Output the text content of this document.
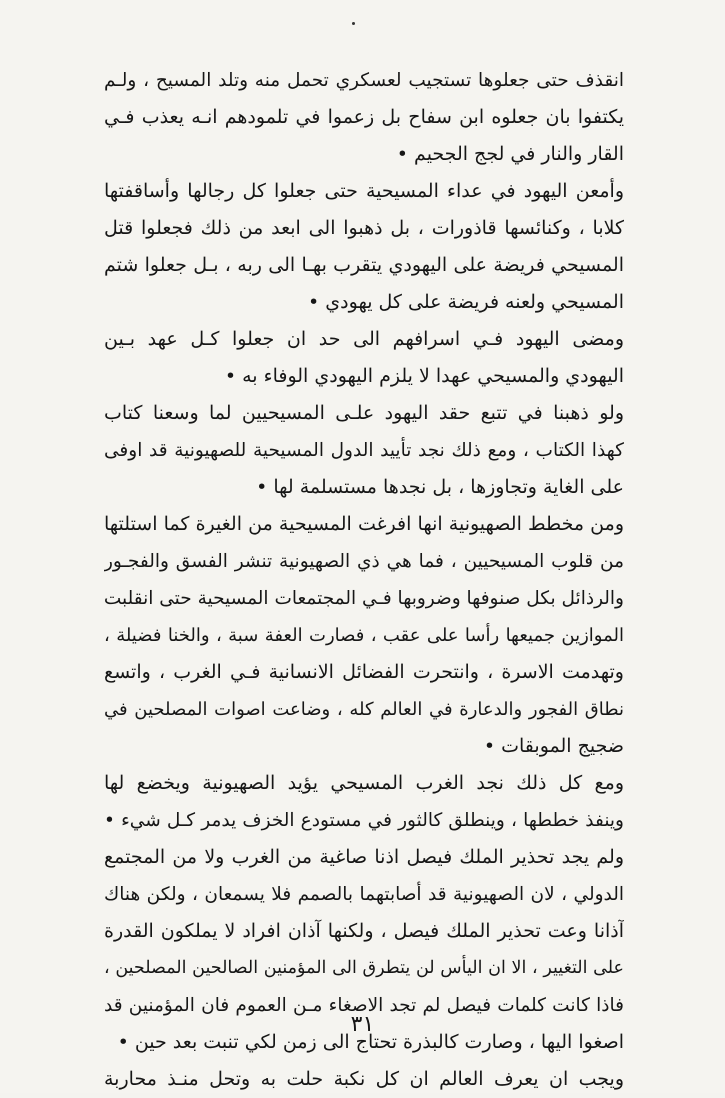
انقذف حتى جعلوها تستجيب لعسكري تحمل منه وتلد المسيح ، ولـم
يكتفوا بان جعلوه ابن سفاح بل زعموا في تلمودهم انـه يعذب فـي
القار والنار في لجج الجحيم •
وأمعن اليهود في عداء المسيحية حتى جعلوا كل رجالها وأساقفتها
كلابا ، وكنائسها قاذورات ، بل ذهبوا الى ابعد من ذلك فجعلوا قتل
المسيحي فريضة على اليهودي يتقرب بهـا الى ربه ، بـل جعلوا شتم
المسيحي ولعنه فريضة على كل يهودي •
ومضى اليهود فـي اسرافهم الى حد ان جعلوا كـل عهد بـين
اليهودي والمسيحي عهدا لا يلزم اليهودي الوفاء به •
ولو ذهبنا في تتبع حقد اليهود علـى المسيحيين لما وسعنا كتاب
كهذا الكتاب ، ومع ذلك نجد تأييد الدول المسيحية للصهيونية قد اوفى
على الغاية وتجاوزها ، بل نجدها مستسلمة لها •
ومن مخطط الصهيونية انها افرغت المسيحية من الغيرة كما استلتها
من قلوب المسيحيين ، فما هي ذي الصهيونية تنشر الفسق والفجـور
والرذائل بكل صنوفها وضروبها فـي المجتمعات المسيحية حتى انقلبت
الموازين جميعها رأسا على عقب ، فصارت العفة سبة ، والخنا فضيلة ،
وتهدمت الاسرة ، وانتحرت الفضائل الانسانية فـي الغرب ، واتسع
نطاق الفجور والدعارة في العالم كله ، وضاعت اصوات المصلحين في
ضجيج الموبقات •
ومع كل ذلك نجد الغرب المسيحي يؤيد الصهيونية ويخضع لها
وينفذ خططها ، وينطلق كالثور في مستودع الخزف يدمر كـل شيء •
ولم يجد تحذير الملك فيصل اذنا صاغية من الغرب ولا من المجتمع
الدولي ، لان الصهيونية قد أصابتهما بالصمم فلا يسمعان ، ولكن هناك
آذانا وعت تحذير الملك فيصل ، ولكنها آذان افراد لا يملكون القدرة
على التغيير ، الا ان اليأس لن يتطرق الى المؤمنين الصالحين المصلحين ،
فاذا كانت كلمات فيصل لم تجد الاصغاء مـن العموم فان المؤمنين قد
اصغوا اليها ، وصارت كالبذرة تحتاج الى زمن لكي تنبت بعد حين •
ويجب ان يعرف العالم ان كل نكبة حلت به وتحل منـذ محاربة
٣١
